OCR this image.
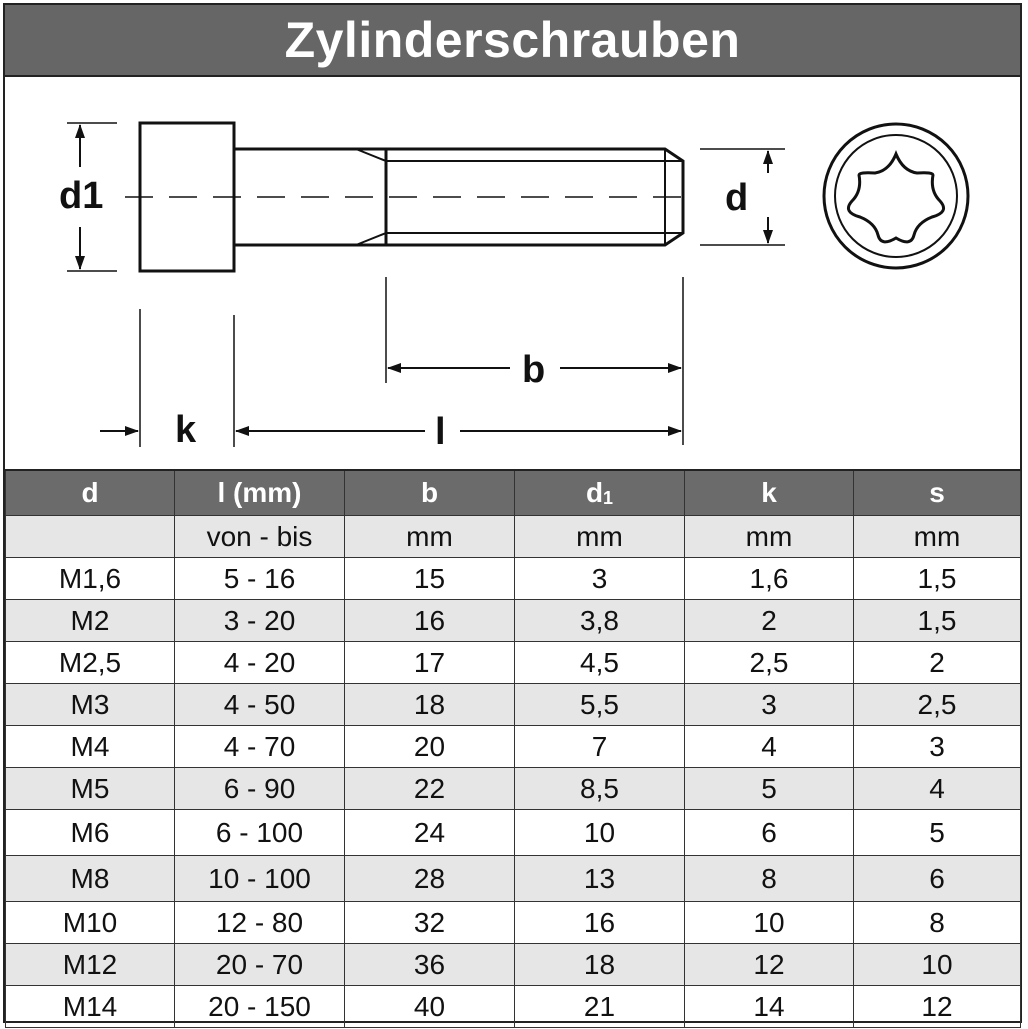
Zylinderschrauben
d1	d
b
k	l
d	l (mm)	b	d1	k	s
	von - bis	mm	mm	mm	mm
M1,6	5 - 16	15	3	1,6	1,5
M2	3 - 20	16	3,8	2	1,5
M2,5	4 - 20	17	4,5	2,5	2
M3	4 - 50	18	5,5	3	2,5
M4	4 - 70	20	7	4	3
M5	6 - 90	22	8,5	5	4
M6	6 - 100	24	10	6	5
M8	10 - 100	28	13	8	6
M10	12 - 80	32	16	10	8
M12	20 - 70	36	18	12	10
M14	20 - 150	40	21	14	12
